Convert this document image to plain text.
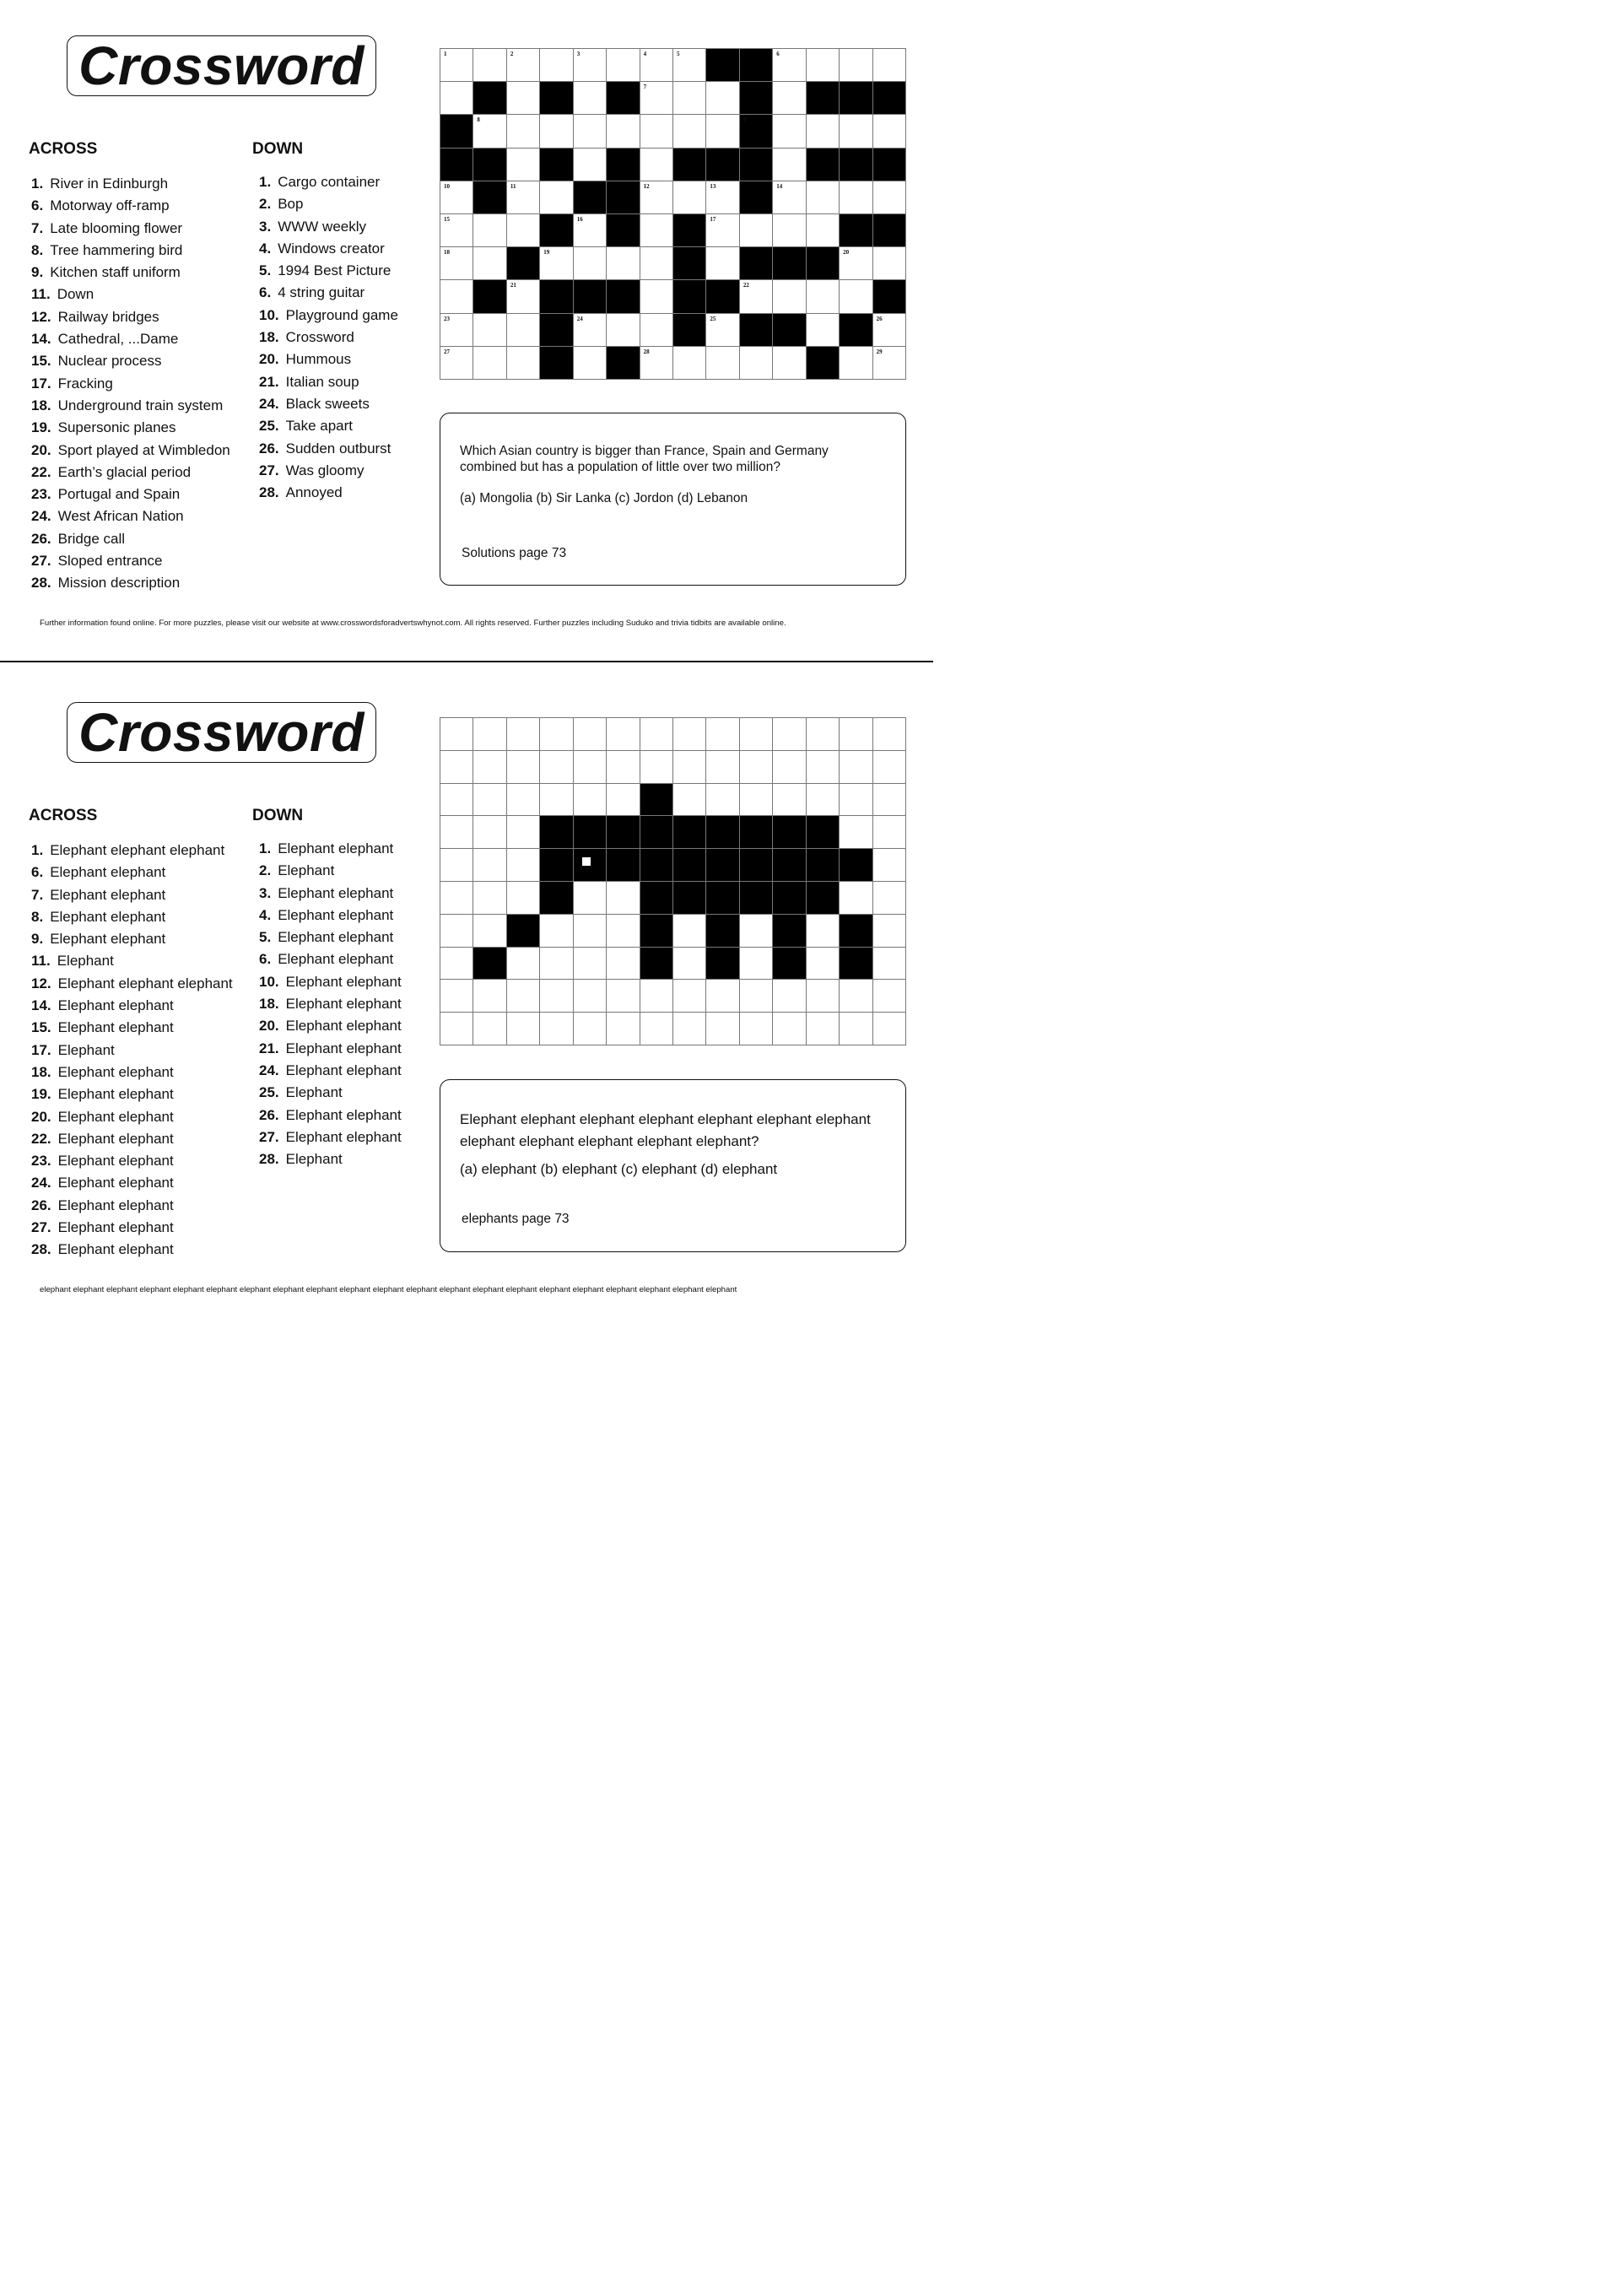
Crossword
ACROSS	DOWN
1. River in Edinburgh
6. Motorway off-ramp
7. Late blooming flower
8. Tree hammering bird
9. Kitchen staff uniform
11. Down
12. Railway bridges
14. Cathedral, ...Dame
15. Nuclear process
17. Fracking
18. Underground train system
19. Supersonic planes
20. Sport played at Wimbledon
22. Earth’s glacial period
23. Portugal and Spain
24. West African Nation
26. Bridge call
27. Sloped entrance
28. Mission description
1. Cargo container
2. Bop
3. WWW weekly
4. Windows creator
5. 1994 Best Picture
6. 4 string guitar
10. Playground game
18. Crossword
20. Hummous
21. Italian soup
24. Black sweets
25. Take apart
26. Sudden outburst
27. Was gloomy
28. Annoyed
1	2	3	4	5	6
7
8	9
10	11	12	13	14
15	16	17
18	19	20
21	22
23	24	25	26
27	28	29
Which Asian country is bigger than France, Spain and Germany combined but has a population of little over two million?
(a) Mongolia (b) Sir Lanka (c) Jordon (d) Lebanon
Solutions page 73
Further information found online. For more puzzles, please visit our website at www.crosswordsforadvertswhynot.com. All rights reserved. Further puzzles including Suduko and trivia tidbits are available online.
Crossword
ACROSS	DOWN
1. Elephant elephant elephant
6. Elephant elephant
7. Elephant elephant
8. Elephant elephant
9. Elephant elephant
11. Elephant
12. Elephant elephant elephant
14. Elephant elephant
15. Elephant elephant
17. Elephant
18. Elephant elephant
19. Elephant elephant
20. Elephant elephant
22. Elephant elephant
23. Elephant elephant
24. Elephant elephant
26. Elephant elephant
27. Elephant elephant
28. Elephant elephant
1. Elephant elephant
2. Elephant
3. Elephant elephant
4. Elephant elephant
5. Elephant elephant
6. Elephant elephant
10. Elephant elephant
18. Elephant elephant
20. Elephant elephant
21. Elephant elephant
24. Elephant elephant
25. Elephant
26. Elephant elephant
27. Elephant elephant
28. Elephant
Elephant elephant elephant elephant elephant elephant elephant elephant elephant elephant elephant elephant?
(a) elephant (b) elephant (c) elephant (d) elephant
elephants page 73
elephant elephant elephant elephant elephant elephant elephant elephant elephant elephant elephant elephant elephant elephant elephant elephant elephant elephant elephant elephant elephant
